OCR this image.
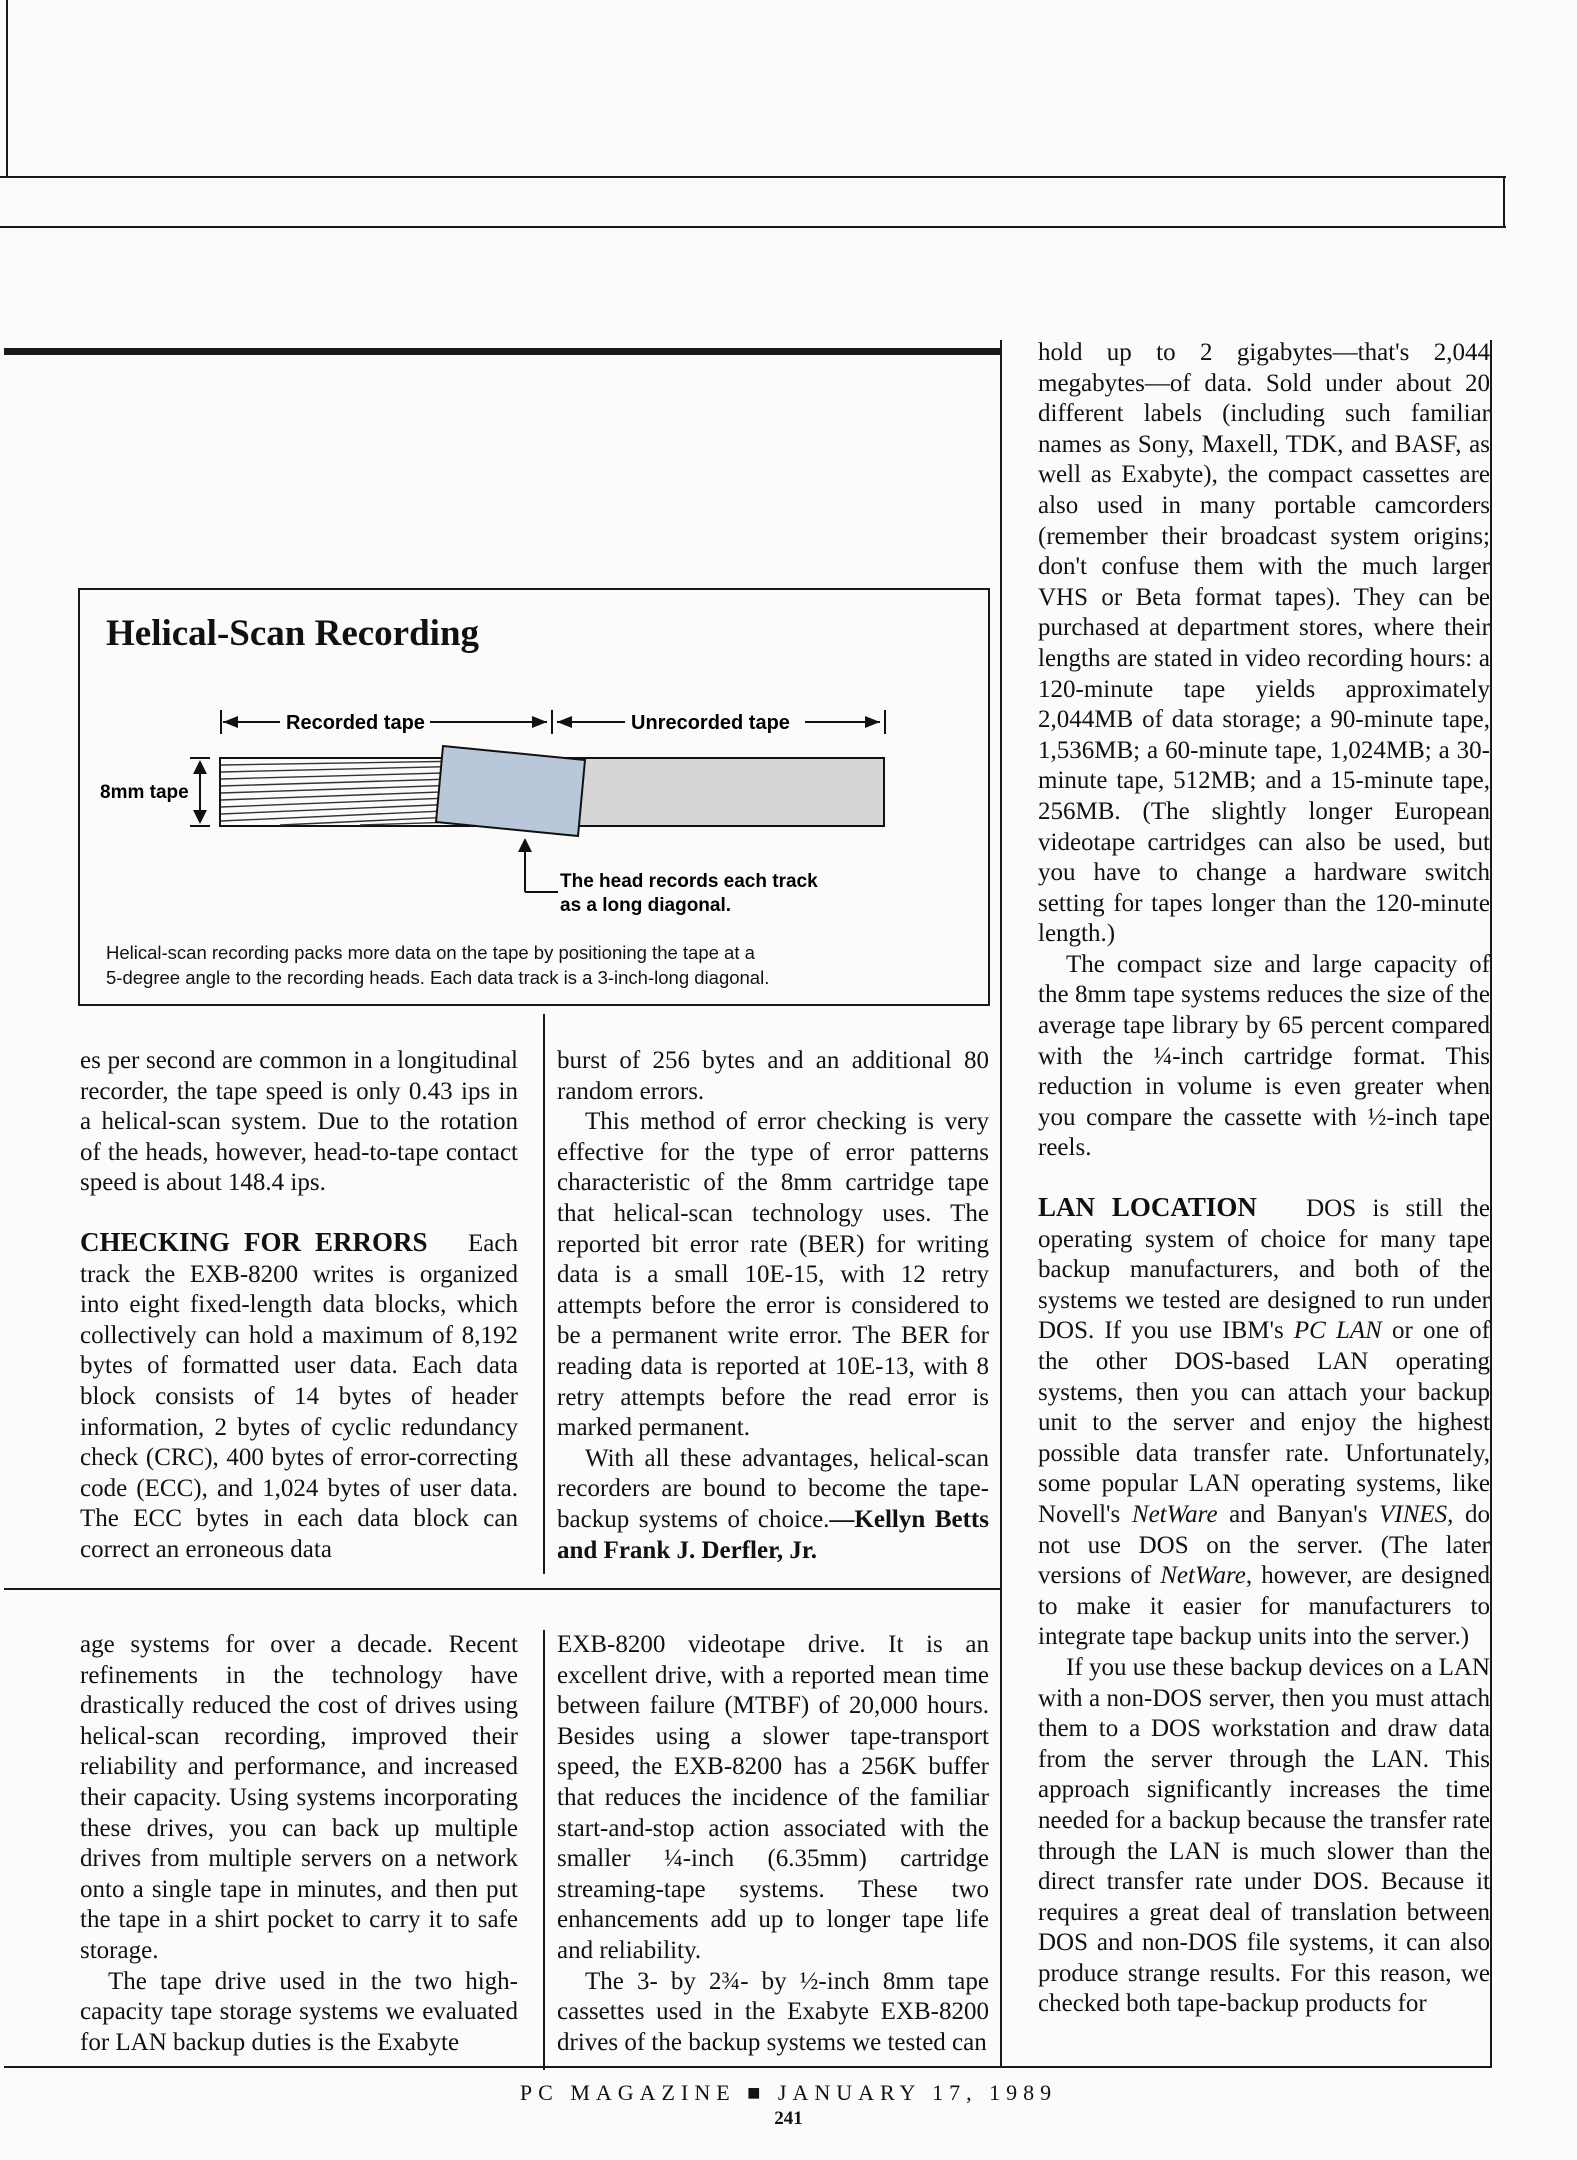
Helical-Scan Recording
Recorded tape	Unrecorded tape
8mm tape
The head records each track
as a long diagonal.
Helical-scan recording packs more data on the tape by positioning the tape at a
5-degree angle to the recording heads. Each data track is a 3-inch-long diagonal.

es per second are common in a longitudinal recorder, the tape speed is only 0.43 ips in a helical-scan system. Due to the rotation of the heads, however, head-to-tape contact speed is about 148.4 ips.

CHECKING FOR ERRORS Each track the EXB-8200 writes is organized into eight fixed-length data blocks, which collectively can hold a maximum of 8,192 bytes of formatted user data. Each data block consists of 14 bytes of header information, 2 bytes of cyclic redundancy check (CRC), 400 bytes of error-correcting code (ECC), and 1,024 bytes of user data. The ECC bytes in each data block can correct an erroneous data

burst of 256 bytes and an additional 80 random errors.

This method of error checking is very effective for the type of error patterns characteristic of the 8mm cartridge tape that helical-scan technology uses. The reported bit error rate (BER) for writing data is a small 10E-15, with 12 retry attempts before the error is considered to be a permanent write error. The BER for reading data is reported at 10E-13, with 8 retry attempts before the read error is marked permanent.

With all these advantages, helical-scan recorders are bound to become the tape-backup systems of choice.—Kellyn Betts and Frank J. Derfler, Jr.

age systems for over a decade. Recent refinements in the technology have drastically reduced the cost of drives using helical-scan recording, improved their reliability and performance, and increased their capacity. Using systems incorporating these drives, you can back up multiple drives from multiple servers on a network onto a single tape in minutes, and then put the tape in a shirt pocket to carry it to safe storage.

The tape drive used in the two high-capacity tape storage systems we evaluated for LAN backup duties is the Exabyte

EXB-8200 videotape drive. It is an excellent drive, with a reported mean time between failure (MTBF) of 20,000 hours. Besides using a slower tape-transport speed, the EXB-8200 has a 256K buffer that reduces the incidence of the familiar start-and-stop action associated with the smaller ¼-inch (6.35mm) cartridge streaming-tape systems. These two enhancements add up to longer tape life and reliability.

The 3- by 2¾- by ½-inch 8mm tape cassettes used in the Exabyte EXB-8200 drives of the backup systems we tested can

hold up to 2 gigabytes—that's 2,044 megabytes—of data. Sold under about 20 different labels (including such familiar names as Sony, Maxell, TDK, and BASF, as well as Exabyte), the compact cassettes are also used in many portable camcorders (remember their broadcast system origins; don't confuse them with the much larger VHS or Beta format tapes). They can be purchased at department stores, where their lengths are stated in video recording hours: a 120-minute tape yields approximately 2,044MB of data storage; a 90-minute tape, 1,536MB; a 60-minute tape, 1,024MB; a 30-minute tape, 512MB; and a 15-minute tape, 256MB. (The slightly longer European videotape cartridges can also be used, but you have to change a hardware switch setting for tapes longer than the 120-minute length.)

The compact size and large capacity of the 8mm tape systems reduces the size of the average tape library by 65 percent compared with the ¼-inch cartridge format. This reduction in volume is even greater when you compare the cassette with ½-inch tape reels.

LAN LOCATION DOS is still the operating system of choice for many tape backup manufacturers, and both of the systems we tested are designed to run under DOS. If you use IBM's PC LAN or one of the other DOS-based LAN operating systems, then you can attach your backup unit to the server and enjoy the highest possible data transfer rate. Unfortunately, some popular LAN operating systems, like Novell's NetWare and Banyan's VINES, do not use DOS on the server. (The later versions of NetWare, however, are designed to make it easier for manufacturers to integrate tape backup units into the server.)

If you use these backup devices on a LAN with a non-DOS server, then you must attach them to a DOS workstation and draw data from the server through the LAN. This approach significantly increases the time needed for a backup because the transfer rate through the LAN is much slower than the direct transfer rate under DOS. Because it requires a great deal of translation between DOS and non-DOS file systems, it can also produce strange results. For this reason, we checked both tape-backup products for

PC MAGAZINE ■ JANUARY 17, 1989
241
